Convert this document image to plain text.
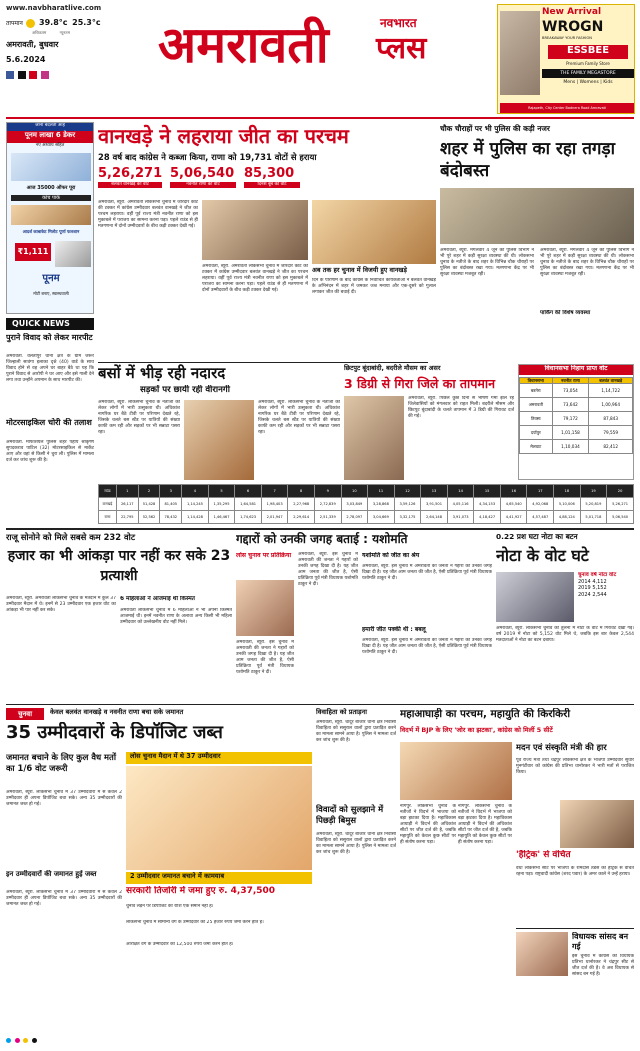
www.navbharatlive.com
तापमान 39.8°c 25.3°c
अधिकतम	न्यूनतम
अमरावती, बुधवार
5.6.2024
	अमरावती	नवभारत
प्लस
New Arrival
WROGN
BREAKAWAY YOUR FASHION
ESSBEE
Premium Family Store
THE FAMILY MEGASTORE
Mens | Womens | Kids
Rajapeth, City Center Badnera Road Amravati
जाना बदलती आहे
पूनम लाखा 6 डेकर
नए अध्याय सहित
आज 35000 ऑफर पूरा
कांच पार्क
आदर्श काबाकेट मिलोट पूर्णा फलशान
₹1,111
पूनम
मोटी बनाए, स्वास्थवाली
QUICK NEWS
पुराने विवाद को लेकर मारपीट
अमरावती. वेलतापुर थाना क्षेत्र के ग्राम जरूर जिल्हाली सावंगा इलाका दृश्ने (40) वार्ड के साथ विवाद होने से वह अपने घर बाहर बैठे था यह कि पुराने विवाद से आरोपी ने घर आए और इसे गाली देने लगा तथा उन्होंने अपमान के साथ मारपीट की।
मोटरसाइकिल चोरी की तलाश
अमरावती. मार्फशियल पुलिस शहर पहीय श्रीकृष्ण सुपदकराव पाटिल (32) मोटरसाइकिल से मार्केट आए और वहां से किसी ने चुरा ली। पुलिस में मामला दर्ज कर जांच शुरू की है।
वानखड़े ने लहराया जीत का परचम
28 वर्ष बाद कांग्रेस ने कब्जा किया, राणा को 19,731 वोटों से हराया
5,26,271
बलवंत वानखड़े को वोट
5,06,540
नवनीत राणा को वोट
85,300
दिनेश बूब को वोट
अमरावती, ब्यूरो. अमरावती लोकसभा चुनाव में जोरदार कांटे की टक्कर में कांग्रेस उम्मीदवार बलवंत वानखड़े ने जीत का परचम लहराया। वहीं पूर्व राज्य मंत्री नवनीत राणा को इस मुकाबले में पराजय का सामना करना पड़ा। पहले राउंड से ही मतगणना में दोनों उम्मीदवारों के बीच कड़ी टक्कर देखी गई।
अमरावती, ब्यूरो. अमरावती लोकसभा चुनाव में जोरदार कांटे की टक्कर में कांग्रेस उम्मीदवार बलवंत वानखड़े ने जीत का परचम लहराया। वहीं पूर्व राज्य मंत्री नवनीत राणा को इस मुकाबले में पराजय का सामना करना पड़ा। पहले राउंड से ही मतगणना में दोनों उम्मीदवारों के बीच कड़ी टक्कर देखी गई।
अब तक हर चुनाव में विजयी हुए वानखड़े
दिन के परिणाम के बाद कांग्रेस के निर्वाचित कार्यकर्ताओं ने बलवंत वानखड़े के अभिनंदन में शहर में जमकर जश्न मनाया और एक-दूसरे को गुलाल लगाकर जीत की बधाई दी।
चौक चौराहों पर भी पुलिस की कड़ी नजर
शहर में पुलिस का रहा तगड़ा बंदोबस्त
अमरावती, ब्यूरो. मंगलवार 4 जून को पुलिस विभाग ने भी पूरे शहर में कड़ी सुरक्षा व्यवस्था की थी। लोकसभा चुनाव के नतीजे के बाद शहर के विभिन्न चौक चौराहों पर पुलिस का बंदोबस्त रखा गया। मतगणना केंद्र पर भी सुरक्षा व्यवस्था मजबूत रही।
अमरावती, ब्यूरो. मंगलवार 4 जून को पुलिस विभाग ने भी पूरे शहर में कड़ी सुरक्षा व्यवस्था की थी। लोकसभा चुनाव के नतीजे के बाद शहर के विभिन्न चौक चौराहों पर पुलिस का बंदोबस्त रखा गया। मतगणना केंद्र पर भी सुरक्षा व्यवस्था मजबूत रही।
पार्किंग की विशेष व्यवस्था
बसों में भीड़ रही नदारद
सड़कों पर छायी रही वीरानगी
अमरावती, ब्यूरो. लोकसभा चुनाव के नतीजों को लेकर लोगों में भारी उत्सुकता थी। अधिकांश नागरिक घर बैठे टीवी पर परिणाम देखते रहे, जिसके चलते बस स्टैंड पर यात्रियों की संख्या काफी कम रही और सड़कों पर भी सन्नाटा पसरा रहा।
अमरावती, ब्यूरो. लोकसभा चुनाव के नतीजों को लेकर लोगों में भारी उत्सुकता थी। अधिकांश नागरिक घर बैठे टीवी पर परिणाम देखते रहे, जिसके चलते बस स्टैंड पर यात्रियों की संख्या काफी कम रही और सड़कों पर भी सन्नाटा पसरा रहा।
छिटपुट बूंदाबांदी, बदरीले मौसम का असर
3 डिग्री से गिरा जिले का तापमान
अमरावती, ब्यूरो. पिछले कुछ दिनों से भीषण गर्मी झेल रहे जिलेवासियों को मंगलवार को राहत मिली। बदरीले मौसम और छिटपुट बूंदाबांदी के चलते तापमान में 3 डिग्री की गिरावट दर्ज की गई।
विधानसभा निहाय प्राप्त वोट
विधानसभा	नवनीत राणा	बलवंत वानखड़े
बडनेरा	73,054	1,14,722
अमरावती	73,642	1,00,964
तिवसा	79,172	87,843
दर्यापुर	1,01,158	79,559
मेलघाट	1,10,034	82,412
राउंड	1	2	3	4	5	6	7	8	9	10	11	12	13	14	15	16	17	18	19	20
वानखड़े	26,117	51,428	81,405	1,14,245	1,35,295	1,64,581	1,98,403	2,27,968	2,72,839	3,03,849	3,28,868	3,59,126	3,91,501	4,05,116	4,34,153	4,65,540	4,92,068	5,10,006	5,20,819	5,26,271
राणा	22,795	52,562	78,432	1,14,428	1,46,467	1,74,623	2,01,947	2,29,614	2,51,339	2,78,097	3,04,669	3,32,175	2,64,148	3,91,073	4,18,427	4,41,927	4,57,487	4,88,124	5,01,718	5,06,540
राजू सोनोने को मिले सबसे कम 232 वोट
हजार का भी आंकड़ा पार नहीं कर सके 23 प्रत्याशी
अमरावती, ब्यूरो. अमरावती लोकसभा चुनाव के मतदान में कुल 37 उम्मीदवार मैदान में थे। इनमें से 23 उम्मीदवार एक हजार वोट का आंकड़ा भी पार नहीं कर सके।
6 महिलाओं ने आजमाई थी किस्मत
अमरावती लोकसभा चुनाव में 6 महिलाओं ने भी अपनी किस्मत आजमाई थी। इनमें नवनीत राणा के अलावा अन्य किसी भी महिला उम्मीदवार को उल्लेखनीय वोट नहीं मिले।
गद्दारों को उनकी जगह बताई : यशोमति
लोस चुनाव पर प्रतिक्रिया
अमरावती, ब्यूरो. इस चुनाव में अमरावती की जनता ने गद्दारों को उनकी जगह दिखा दी है। यह जीत आम जनता की जीत है, ऐसी प्रतिक्रिया पूर्व मंत्री विधायक यशोमति ठाकुर ने दी।
अमरावती, ब्यूरो. इस चुनाव में अमरावती की जनता ने गद्दारों को उनकी जगह दिखा दी है। यह जीत आम जनता की जीत है, ऐसी प्रतिक्रिया पूर्व मंत्री विधायक यशोमति ठाकुर ने दी।
यशोमति को जीत का श्रेय
अमरावती, ब्यूरो. इस चुनाव में अमरावती की जनता ने गद्दारों को उनकी जगह दिखा दी है। यह जीत आम जनता की जीत है, ऐसी प्रतिक्रिया पूर्व मंत्री विधायक यशोमति ठाकुर ने दी।
हमारी जीत पक्की थी : बबलू
अमरावती, ब्यूरो. इस चुनाव में अमरावती की जनता ने गद्दारों को उनकी जगह दिखा दी है। यह जीत आम जनता की जीत है, ऐसी प्रतिक्रिया पूर्व मंत्री विधायक यशोमति ठाकुर ने दी।
0.22 प्रश घटा नोटा का बटन
नोटा के वोट घटे
चुनाव वर्ष नोटा वोट
2014 4,112
2019 5,152
2024 2,544
अमरावती, ब्यूरो. लोकसभा चुनाव की तुलना में नोटा के वोट में गिरावट देखी गई। वर्ष 2019 में नोटा को 5,152 वोट मिले थे, जबकि इस बार केवल 2,544 मतदाताओं ने नोटा का बटन दबाया।
चुनवा	केवल बलवंत वानखड़े व नवनीत राणा बचा सके जमानत
35 उम्मीदवारों के डिपॉजिट जब्त
जमानत बचाने के लिए कुल वैध मतों का 1/6 वोट जरूरी
लोस चुनाव मैदान में थे 37 उम्मीदवार
अमरावती, ब्यूरो. लोकसभा चुनाव में 37 उम्मीदवारों में से केवल 2 उम्मीदवार ही अपना डिपॉजिट बचा सके। अन्य 35 उम्मीदवारों की जमानत जब्त हो गई।
इन उम्मीदवारों की जमानत हुई जब्त
अमरावती, ब्यूरो. लोकसभा चुनाव में 37 उम्मीदवारों में से केवल 2 उम्मीदवार ही अपना डिपॉजिट बचा सके। अन्य 35 उम्मीदवारों की जमानत जब्त हो गई।
2 उम्मीदवार जमानत बचाने में कामयाब
सरकारी तिजोरी में जमा हुए रु. 4,37,500
चुनाव लड़ने पर डिपॉजिट की राशि एक समान नहीं है।
लोकसभा चुनाव में सामान्य वर्ग के उम्मीदवार को 25 हजार रुपये जमा करने होते हैं।
आरक्षित वर्ग के उम्मीदवार को 12,500 रुपये जमा करने होते हैं।
विवाहिता को प्रताड़ना
अमरावती, ब्यूरो. चांदूर बाजार थाना क्षेत्र निवासी विवाहिता को ससुराल वालों द्वारा प्रताड़ित करने का मामला सामने आया है। पुलिस ने मामला दर्ज कर जांच शुरू की है।
विवादों को सुलझाने में पिछड़ी बिमुस
अमरावती, ब्यूरो. चांदूर बाजार थाना क्षेत्र निवासी विवाहिता को ससुराल वालों द्वारा प्रताड़ित करने का मामला सामने आया है। पुलिस ने मामला दर्ज कर जांच शुरू की है।
महाआघाड़ी का परचम, महायुति की किरकिरी
विदर्भ में BJP के लिए 'जोर का झटका', कांग्रेस को मिलीं 5 सीटें
नागपुर. लोकसभा चुनाव के नतीजों ने विदर्भ में भाजपा को बड़ा झटका दिया है। महाविकास आघाड़ी ने विदर्भ की अधिकांश सीटों पर जीत दर्ज की है, जबकि महायुति को केवल कुछ सीटों पर ही संतोष करना पड़ा।
नागपुर. लोकसभा चुनाव के नतीजों ने विदर्भ में भाजपा को बड़ा झटका दिया है। महाविकास आघाड़ी ने विदर्भ की अधिकांश सीटों पर जीत दर्ज की है, जबकि महायुति को केवल कुछ सीटों पर ही संतोष करना पड़ा।
मदन एवं संस्कृति मंत्री की हार
पूर्व राज्य मंत्री तथा चंद्रपुर लोकसभा क्षेत्र के भाजपा उम्मीदवार सुधीर मुनगंटीवार को कांग्रेस की प्रतिभा धानोरकर ने भारी मतों से पराजित किया।
'हैट्रिक' से वंचित
वर्धा लोकसभा सीट पर भाजपा के रामदास तडस को हैट्रिक से वंचित रहना पड़ा। राष्ट्रवादी कांग्रेस (शरद पवार) के अमर काले ने उन्हें हराया।
विधायक सांसद बन गई
इस चुनाव में कांग्रेस की विधायक प्रतिभा धानोरकर ने चंद्रपुर सीट से जीत दर्ज की है। वे अब विधायक से सांसद बन गई हैं।
